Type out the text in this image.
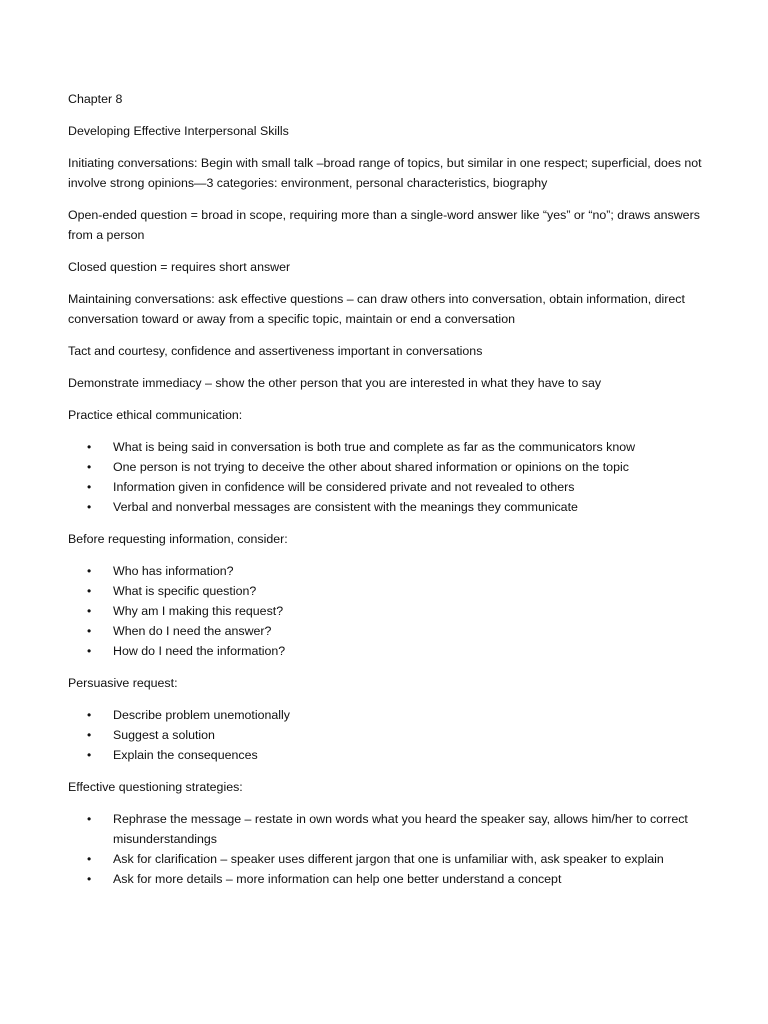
Chapter 8

Developing Effective Interpersonal Skills

Initiating conversations: Begin with small talk –broad range of topics, but similar in one respect; superficial, does not involve strong opinions—3 categories: environment, personal characteristics, biography

Open-ended question = broad in scope, requiring more than a single-word answer like “yes” or “no”; draws answers from a person

Closed question = requires short answer

Maintaining conversations: ask effective questions – can draw others into conversation, obtain information, direct conversation toward or away from a specific topic, maintain or end a conversation

Tact and courtesy, confidence and assertiveness important in conversations

Demonstrate immediacy – show the other person that you are interested in what they have to say

Practice ethical communication:

• What is being said in conversation is both true and complete as far as the communicators know
• One person is not trying to deceive the other about shared information or opinions on the topic
• Information given in confidence will be considered private and not revealed to others
• Verbal and nonverbal messages are consistent with the meanings they communicate

Before requesting information, consider:

• Who has information?
• What is specific question?
• Why am I making this request?
• When do I need the answer?
• How do I need the information?

Persuasive request:

• Describe problem unemotionally
• Suggest a solution
• Explain the consequences

Effective questioning strategies:

• Rephrase the message – restate in own words what you heard the speaker say, allows him/her to correct misunderstandings
• Ask for clarification – speaker uses different jargon that one is unfamiliar with, ask speaker to explain
• Ask for more details – more information can help one better understand a concept
